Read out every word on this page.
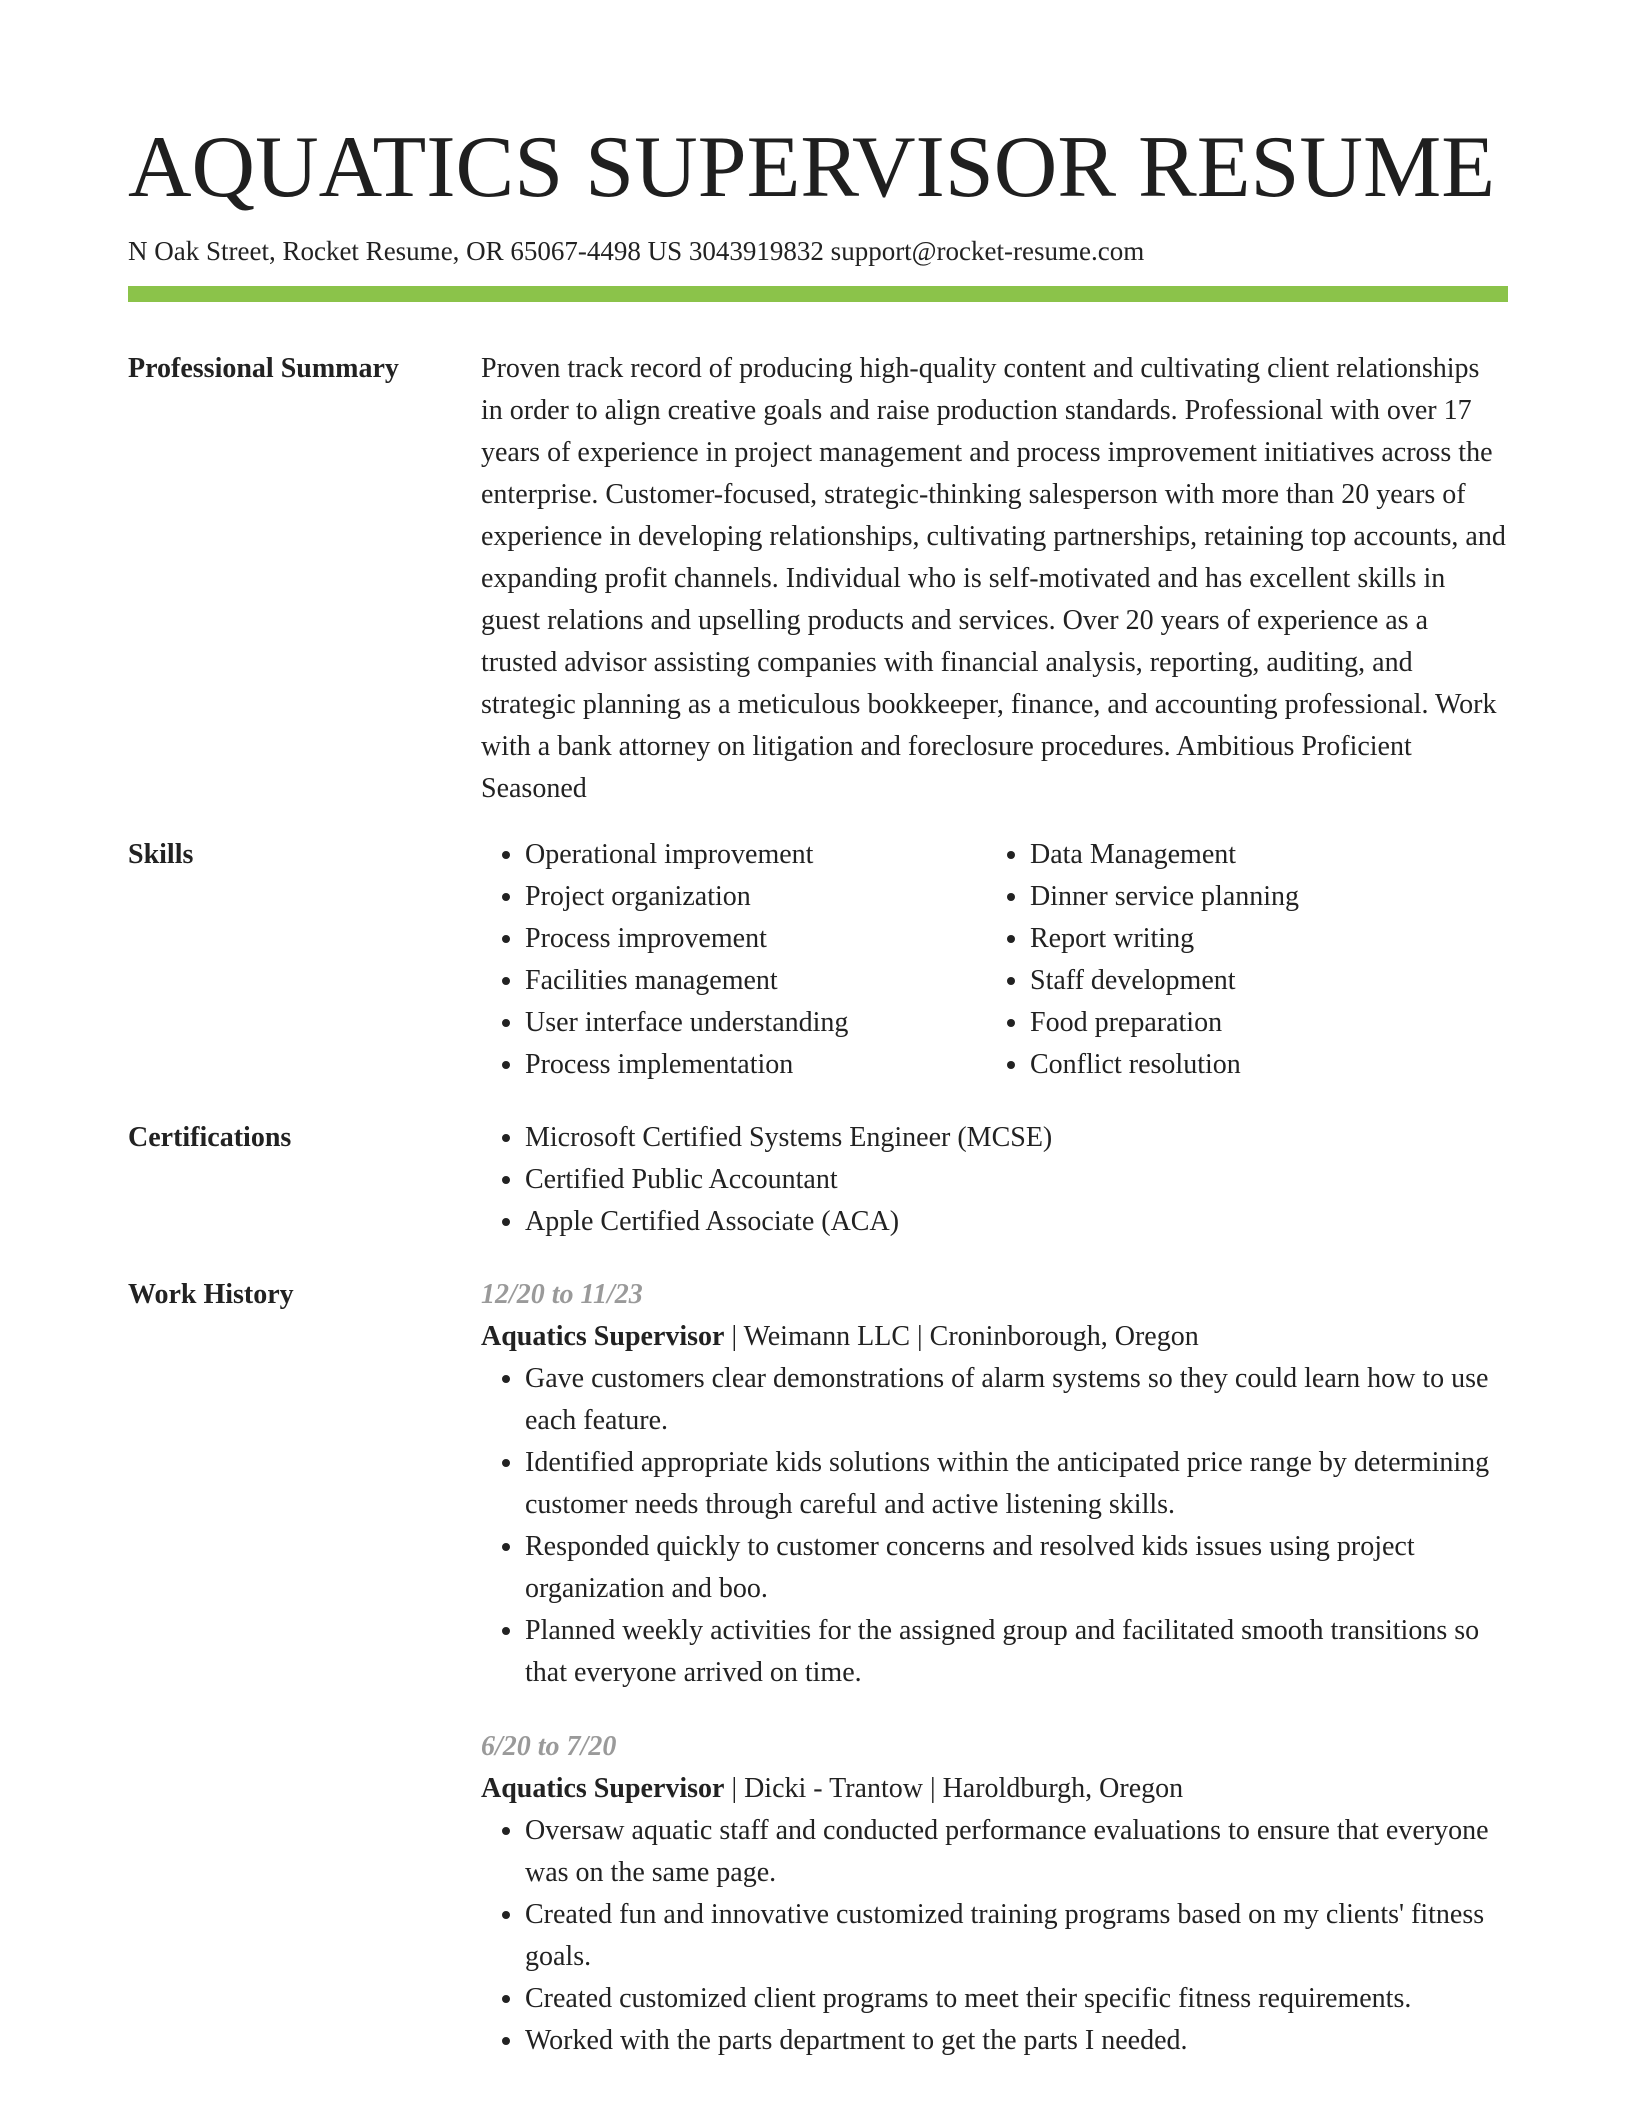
AQUATICS SUPERVISOR RESUME
N Oak Street, Rocket Resume, OR 65067-4498 US 3043919832 support@rocket-resume.com
Professional Summary	Proven track record of producing high-quality content and cultivating client relationships in order to align creative goals and raise production standards. Professional with over 17 years of experience in project management and process improvement initiatives across the enterprise. Customer-focused, strategic-thinking salesperson with more than 20 years of experience in developing relationships, cultivating partnerships, retaining top accounts, and expanding profit channels. Individual who is self-motivated and has excellent skills in guest relations and upselling products and services. Over 20 years of experience as a trusted advisor assisting companies with financial analysis, reporting, auditing, and strategic planning as a meticulous bookkeeper, finance, and accounting professional. Work with a bank attorney on litigation and foreclosure procedures. Ambitious Proficient Seasoned

Skills	• Operational improvement
• Project organization
• Process improvement
• Facilities management
• User interface understanding
• Process implementation
• Data Management
• Dinner service planning
• Report writing
• Staff development
• Food preparation
• Conflict resolution
Certifications	• Microsoft Certified Systems Engineer (MCSE)
• Certified Public Accountant
• Apple Certified Associate (ACA)
Work History	12/20 to 11/23
Aquatics Supervisor | Weimann LLC | Croninborough, Oregon
• Gave customers clear demonstrations of alarm systems so they could learn how to use each feature.
• Identified appropriate kids solutions within the anticipated price range by determining customer needs through careful and active listening skills.
• Responded quickly to customer concerns and resolved kids issues using project organization and boo.
• Planned weekly activities for the assigned group and facilitated smooth transitions so that everyone arrived on time.
6/20 to 7/20
Aquatics Supervisor | Dicki - Trantow | Haroldburgh, Oregon
• Oversaw aquatic staff and conducted performance evaluations to ensure that everyone was on the same page.
• Created fun and innovative customized training programs based on my clients' fitness goals.
• Created customized client programs to meet their specific fitness requirements.
• Worked with the parts department to get the parts I needed.
